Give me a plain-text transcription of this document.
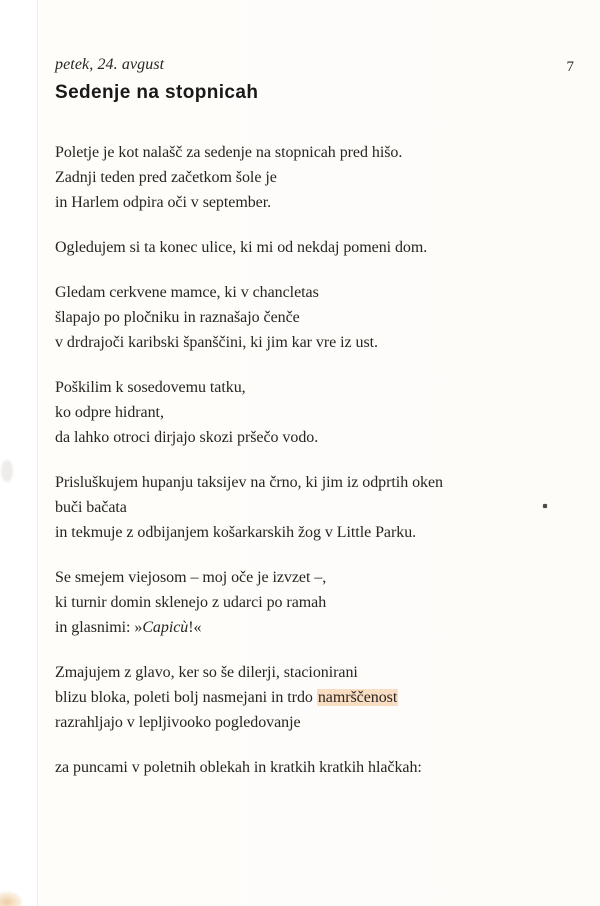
petek, 24. avgust	7
Sedenje na stopnicah

Poletje je kot nalašč za sedenje na stopnicah pred hišo.
Zadnji teden pred začetkom šole je
in Harlem odpira oči v september.

Ogledujem si ta konec ulice, ki mi od nekdaj pomeni dom.

Gledam cerkvene mamce, ki v chancletas
šlapajo po pločniku in raznašajo čenče
v drdrajoči karibski španščini, ki jim kar vre iz ust.

Poškilim k sosedovemu tatku,
ko odpre hidrant,
da lahko otroci dirjajo skozi pršečo vodo.

Prisluškujem hupanju taksijev na črno, ki jim iz odprtih oken
buči bačata
in tekmuje z odbijanjem košarkarskih žog v Little Parku.

Se smejem viejosom – moj oče je izvzet –,
ki turnir domin sklenejo z udarci po ramah
in glasnimi: »Capicù!«

Zmajujem z glavo, ker so še dilerji, stacionirani
blizu bloka, poleti bolj nasmejani in trdo namrščenost
razrahljajo v lepljivooko pogledovanje

za puncami v poletnih oblekah in kratkih kratkih hlačkah:
